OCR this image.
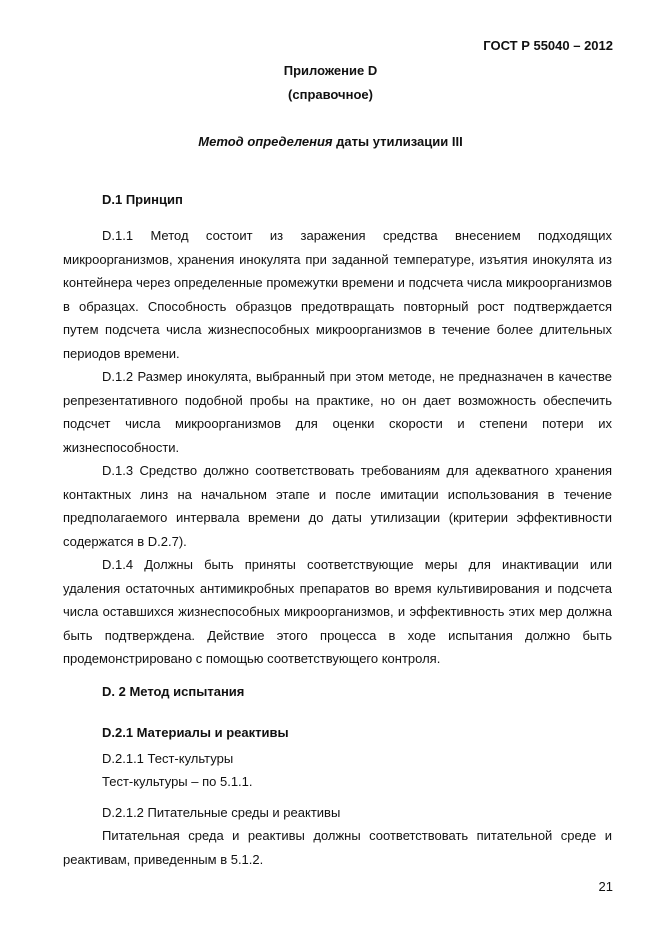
ГОСТ Р 55040 – 2012
Приложение D
(справочное)
Метод определения даты утилизации III
D.1 Принцип

D.1.1 Метод состоит из заражения средства внесением подходящих микроорганизмов, хранения инокулята при заданной температуре, изъятия инокулята из контейнера через определенные промежутки времени и подсчета числа микроорганизмов в образцах. Способность образцов предотвращать повторный рост подтверждается путем подсчета числа жизнеспособных микроорганизмов в течение более длительных периодов времени.

D.1.2 Размер инокулята, выбранный при этом методе, не предназначен в качестве репрезентативного подобной пробы на практике, но он дает возможность обеспечить подсчет числа микроорганизмов для оценки скорости и степени потери их жизнеспособности.

D.1.3 Средство должно соответствовать требованиям для адекватного хранения контактных линз на начальном этапе и после имитации использования в течение предполагаемого интервала времени до даты утилизации (критерии эффективности содержатся в D.2.7).

D.1.4 Должны быть приняты соответствующие меры для инактивации или удаления остаточных антимикробных препаратов во время культивирования и подсчета числа оставшихся жизнеспособных микроорганизмов, и эффективность этих мер должна быть подтверждена. Действие этого процесса в ходе испытания должно быть продемонстрировано с помощью соответствующего контроля.

D. 2 Метод испытания
D.2.1 Материалы и реактивы
D.2.1.1 Тест-культуры
Тест-культуры – по 5.1.1.
D.2.1.2 Питательные среды и реактивы

Питательная среда и реактивы должны соответствовать питательной среде и реактивам, приведенным в 5.1.2.

21
